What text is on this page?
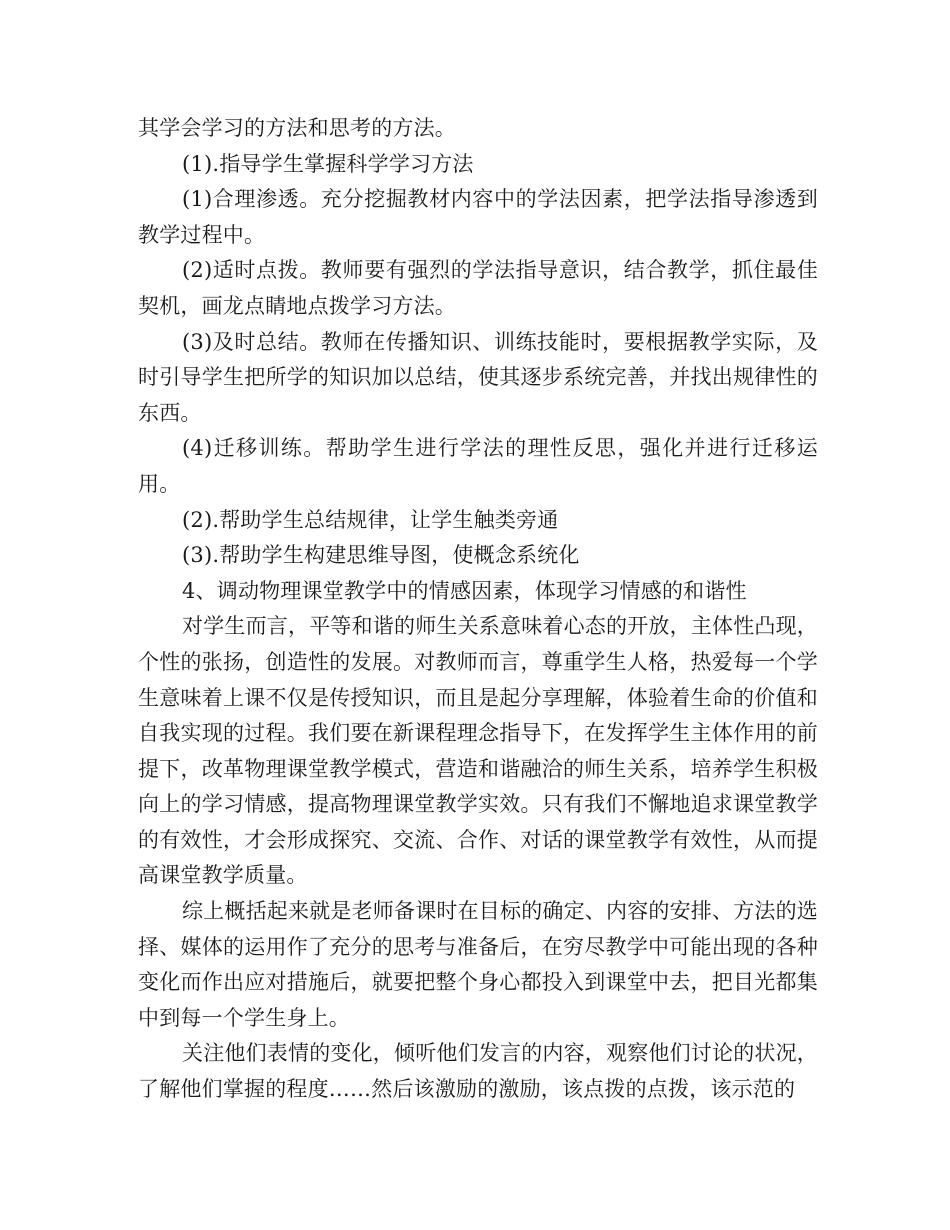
其学会学习的方法和思考的方法。

(1).指导学生掌握科学学习方法

(1)合理渗透。充分挖掘教材内容中的学法因素，把学法指导渗透到教学过程中。

(2)适时点拨。教师要有强烈的学法指导意识，结合教学，抓住最佳契机，画龙点睛地点拨学习方法。

(3)及时总结。教师在传播知识、训练技能时，要根据教学实际，及时引导学生把所学的知识加以总结，使其逐步系统完善，并找出规律性的东西。

(4)迁移训练。帮助学生进行学法的理性反思，强化并进行迁移运用。

(2).帮助学生总结规律，让学生触类旁通

(3).帮助学生构建思维导图，使概念系统化

4、调动物理课堂教学中的情感因素，体现学习情感的和谐性

对学生而言，平等和谐的师生关系意味着心态的开放，主体性凸现，个性的张扬，创造性的发展。对教师而言，尊重学生人格，热爱每一个学生意味着上课不仅是传授知识，而且是起分享理解，体验着生命的价值和自我实现的过程。我们要在新课程理念指导下，在发挥学生主体作用的前提下，改革物理课堂教学模式，营造和谐融洽的师生关系，培养学生积极向上的学习情感，提高物理课堂教学实效。只有我们不懈地追求课堂教学的有效性，才会形成探究、交流、合作、对话的课堂教学有效性，从而提高课堂教学质量。

综上概括起来就是老师备课时在目标的确定、内容的安排、方法的选择、媒体的运用作了充分的思考与准备后，在穷尽教学中可能出现的各种变化而作出应对措施后，就要把整个身心都投入到课堂中去，把目光都集中到每一个学生身上。

关注他们表情的变化，倾听他们发言的内容，观察他们讨论的状况，了解他们掌握的程度……然后该激励的激励，该点拨的点拨，该示范的
